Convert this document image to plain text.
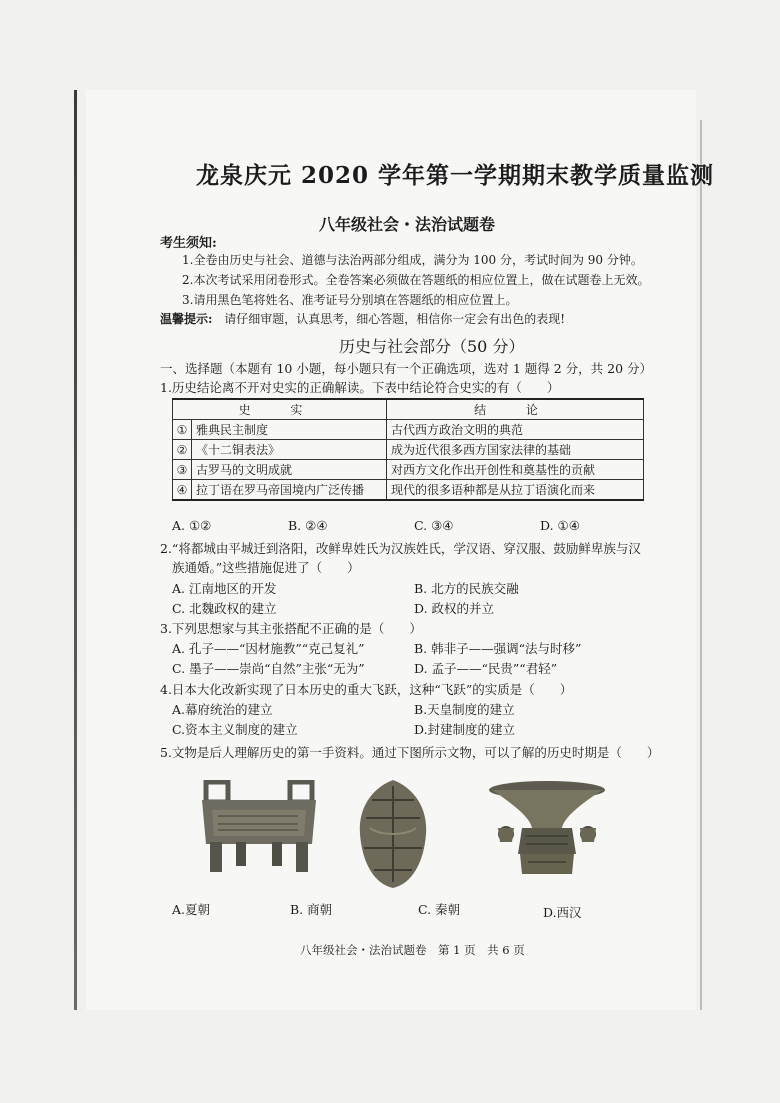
龙泉庆元 2020 学年第一学期期末教学质量监测
八年级社会・法治试题卷
考生须知:
1.全卷由历史与社会、道德与法治两部分组成，满分为 100 分，考试时间为 90 分钟。
2.本次考试采用闭卷形式。全卷答案必须做在答题纸的相应位置上，做在试题卷上无效。
3.请用黑色笔将姓名、准考证号分别填在答题纸的相应位置上。
温馨提示: 请仔细审题，认真思考，细心答题，相信你一定会有出色的表现!
历史与社会部分（50 分）
一、选择题（本题有 10 小题，每小题只有一个正确选项，选对 1 题得 2 分，共 20 分）
1.历史结论离不开对史实的正确解读。下表中结论符合史实的有（　　）
史 实		结 论
①	雅典民主制度	古代西方政治文明的典范
②	《十二铜表法》	成为近代很多西方国家法律的基础
③	古罗马的文明成就	对西方文化作出开创性和奠基性的贡献
④	拉丁语在罗马帝国境内广泛传播	现代的很多语种都是从拉丁语演化而来
A. ①②	B. ②④	C. ③④	D. ①④
2.“将都城由平城迁到洛阳，改鲜卑姓氏为汉族姓氏，学汉语、穿汉服、鼓励鲜卑族与汉
族通婚。”这些措施促进了（　　）
A. 江南地区的开发	B. 北方的民族交融
C. 北魏政权的建立	D. 政权的并立
3.下列思想家与其主张搭配不正确的是（　　）
A. 孔子——“因材施教”“克己复礼”	B. 韩非子——强调“法与时移”
C. 墨子——崇尚“自然”主张“无为”	D. 孟子——“民贵”“君轻”
4.日本大化改新实现了日本历史的重大飞跃，这种“飞跃”的实质是（　　）
A.幕府统治的建立	B.天皇制度的建立
C.资本主义制度的建立	D.封建制度的建立
5.文物是后人理解历史的第一手资料。通过下图所示文物，可以了解的历史时期是（　　）
A.夏朝	B. 商朝	C. 秦朝	D.西汉
八年级社会・法治试题卷　第 1 页　共 6 页
